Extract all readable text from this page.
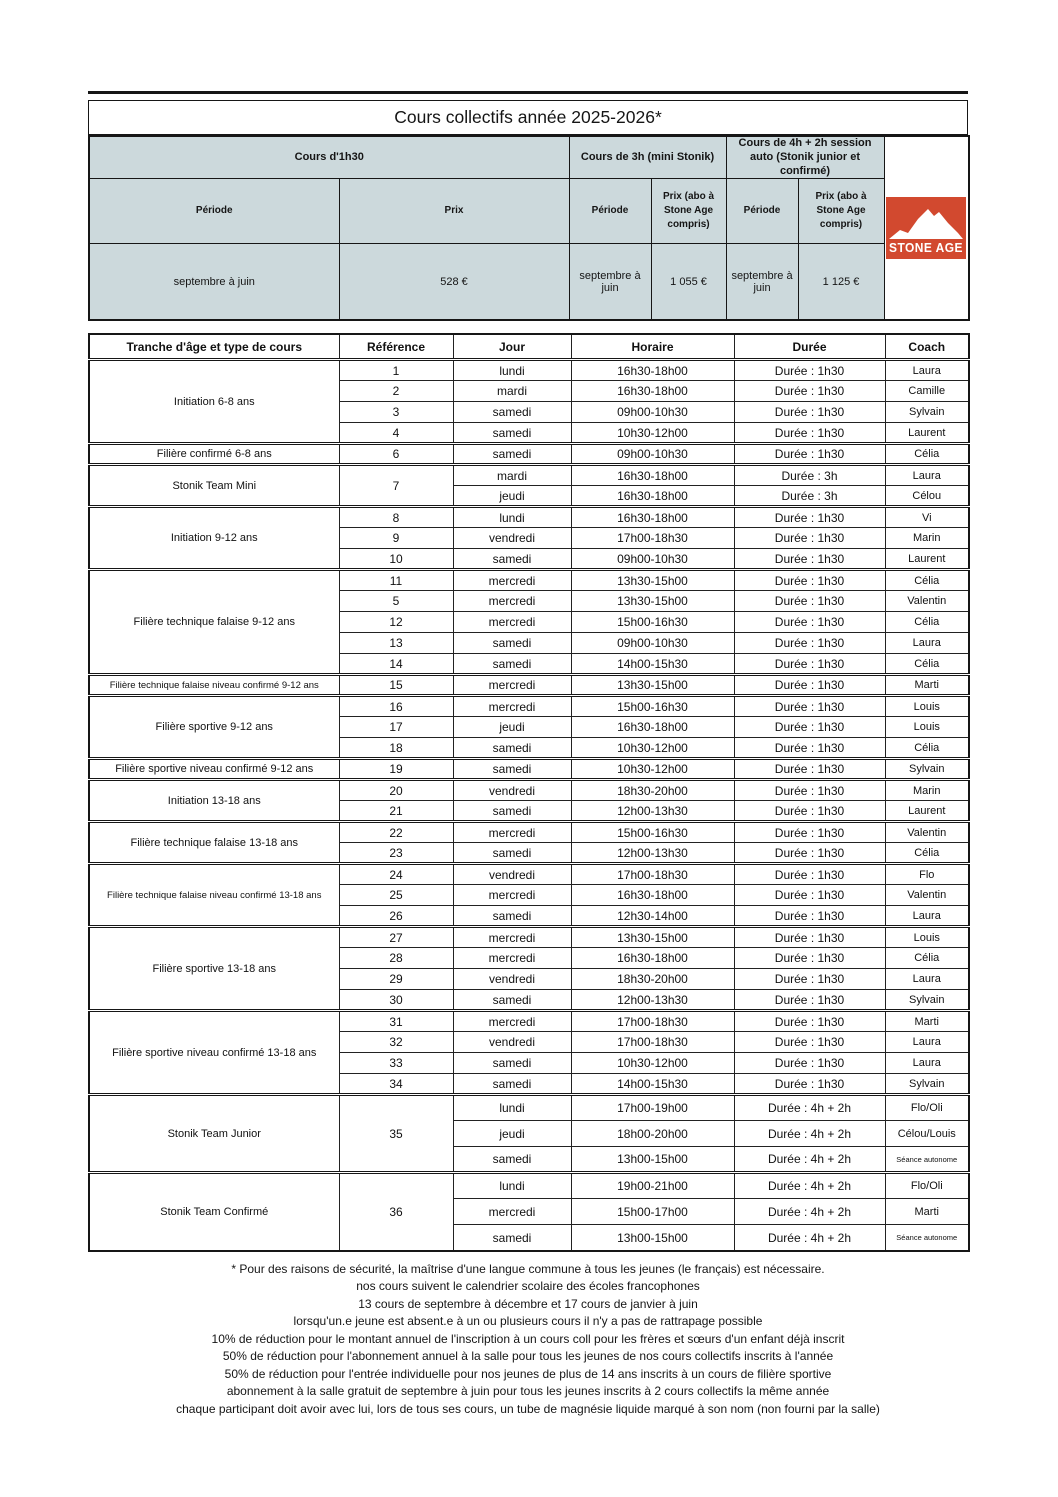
Cours collectifs année 2025-2026*
Cours d'1h30		Cours de 3h (mini Stonik)		Cours de 4h + 2h session auto (Stonik junior et confirmé)		STONE AGE

Période	Prix	Période	Prix (abo à Stone Age compris)	Période	Prix (abo à Stone Age compris)	
septembre à juin	528 €	septembre à juin	1 055 €	septembre à juin	1 125 €	
Tranche d'âge et type de cours	Référence	Jour	Horaire	Durée	Coach
Initiation 6-8 ans	1	lundi	16h30-18h00	Durée : 1h30	Laura
	2	mardi	16h30-18h00	Durée : 1h30	Camille
	3	samedi	09h00-10h30	Durée : 1h30	Sylvain
	4	samedi	10h30-12h00	Durée : 1h30	Laurent
Filière confirmé 6-8 ans	6	samedi	09h00-10h30	Durée : 1h30	Célia
Stonik Team Mini	7	mardi	16h30-18h00	Durée : 3h	Laura
		jeudi	16h30-18h00	Durée : 3h	Célou
Initiation 9-12 ans	8	lundi	16h30-18h00	Durée : 1h30	Vi
	9	vendredi	17h00-18h30	Durée : 1h30	Marin
	10	samedi	09h00-10h30	Durée : 1h30	Laurent
Filière technique falaise 9-12 ans	11	mercredi	13h30-15h00	Durée : 1h30	Célia
	5	mercredi	13h30-15h00	Durée : 1h30	Valentin
	12	mercredi	15h00-16h30	Durée : 1h30	Célia
	13	samedi	09h00-10h30	Durée : 1h30	Laura
	14	samedi	14h00-15h30	Durée : 1h30	Célia
Filière technique falaise niveau confirmé 9-12 ans	15	mercredi	13h30-15h00	Durée : 1h30	Marti
Filière sportive 9-12 ans	16	mercredi	15h00-16h30	Durée : 1h30	Louis
	17	jeudi	16h30-18h00	Durée : 1h30	Louis
	18	samedi	10h30-12h00	Durée : 1h30	Célia
Filière sportive niveau confirmé 9-12 ans	19	samedi	10h30-12h00	Durée : 1h30	Sylvain
Initiation 13-18 ans	20	vendredi	18h30-20h00	Durée : 1h30	Marin
	21	samedi	12h00-13h30	Durée : 1h30	Laurent
Filière technique falaise 13-18 ans	22	mercredi	15h00-16h30	Durée : 1h30	Valentin
	23	samedi	12h00-13h30	Durée : 1h30	Célia
Filière technique falaise niveau confirmé 13-18 ans	24	vendredi	17h00-18h30	Durée : 1h30	Flo
	25	mercredi	16h30-18h00	Durée : 1h30	Valentin
	26	samedi	12h30-14h00	Durée : 1h30	Laura
Filière sportive 13-18 ans	27	mercredi	13h30-15h00	Durée : 1h30	Louis
	28	mercredi	16h30-18h00	Durée : 1h30	Célia
	29	vendredi	18h30-20h00	Durée : 1h30	Laura
	30	samedi	12h00-13h30	Durée : 1h30	Sylvain
Filière sportive niveau confirmé 13-18 ans	31	mercredi	17h00-18h30	Durée : 1h30	Marti
	32	vendredi	17h00-18h30	Durée : 1h30	Laura
	33	samedi	10h30-12h00	Durée : 1h30	Laura
	34	samedi	14h00-15h30	Durée : 1h30	Sylvain
Stonik Team Junior	35	lundi	17h00-19h00	Durée : 4h + 2h	Flo/Oli
		jeudi	18h00-20h00	Durée : 4h + 2h	Célou/Louis
		samedi	13h00-15h00	Durée : 4h + 2h	Séance autonome
Stonik Team Confirmé	36	lundi	19h00-21h00	Durée : 4h + 2h	Flo/Oli
		mercredi	15h00-17h00	Durée : 4h + 2h	Marti
		samedi	13h00-15h00	Durée : 4h + 2h	Séance autonome
* Pour des raisons de sécurité, la maîtrise d'une langue commune à tous les jeunes (le français) est nécessaire.
nos cours suivent le calendrier scolaire des écoles francophones
13 cours de septembre à décembre et 17 cours de janvier à juin
lorsqu'un.e jeune est absent.e à un ou plusieurs cours il n'y a pas de rattrapage possible
10% de réduction pour le montant annuel de l'inscription à un cours coll pour les frères et sœurs d'un enfant déjà inscrit
50% de réduction pour l'abonnement annuel à la salle pour tous les jeunes de nos cours collectifs inscrits à l'année
50% de réduction pour l'entrée individuelle pour nos jeunes de plus de 14 ans inscrits à un cours de filière sportive
abonnement à la salle gratuit de septembre à juin pour tous les jeunes inscrits à 2 cours collectifs la même année
chaque participant doit avoir avec lui, lors de tous ses cours, un tube de magnésie liquide marqué à son nom (non fourni par la salle)
